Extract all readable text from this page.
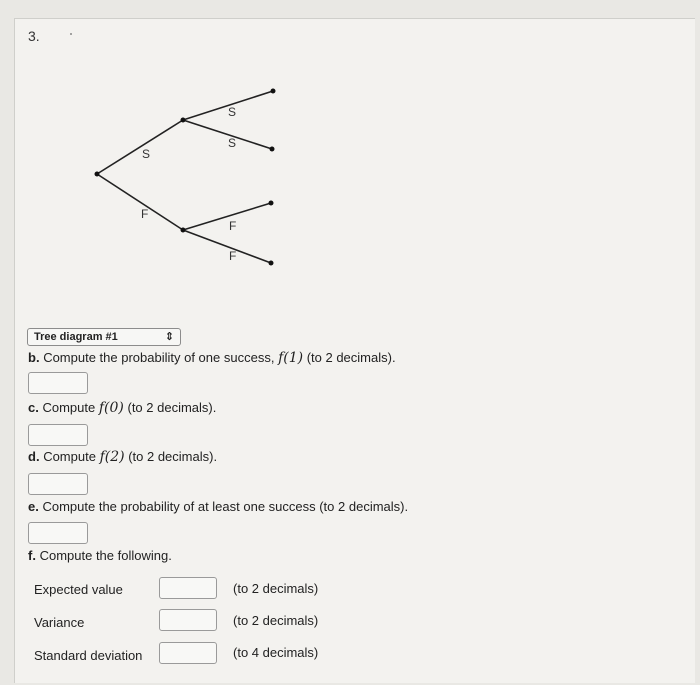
3.
S
S
S
F
F
F
Tree diagram #1	⇕
b. Compute the probability of one success, f(1) (to 2 decimals).
c. Compute f(0) (to 2 decimals).
d. Compute f(2) (to 2 decimals).
e. Compute the probability of at least one success (to 2 decimals).
f. Compute the following.
Expected value	(to 2 decimals)
Variance	(to 2 decimals)
Standard deviation	(to 4 decimals)
